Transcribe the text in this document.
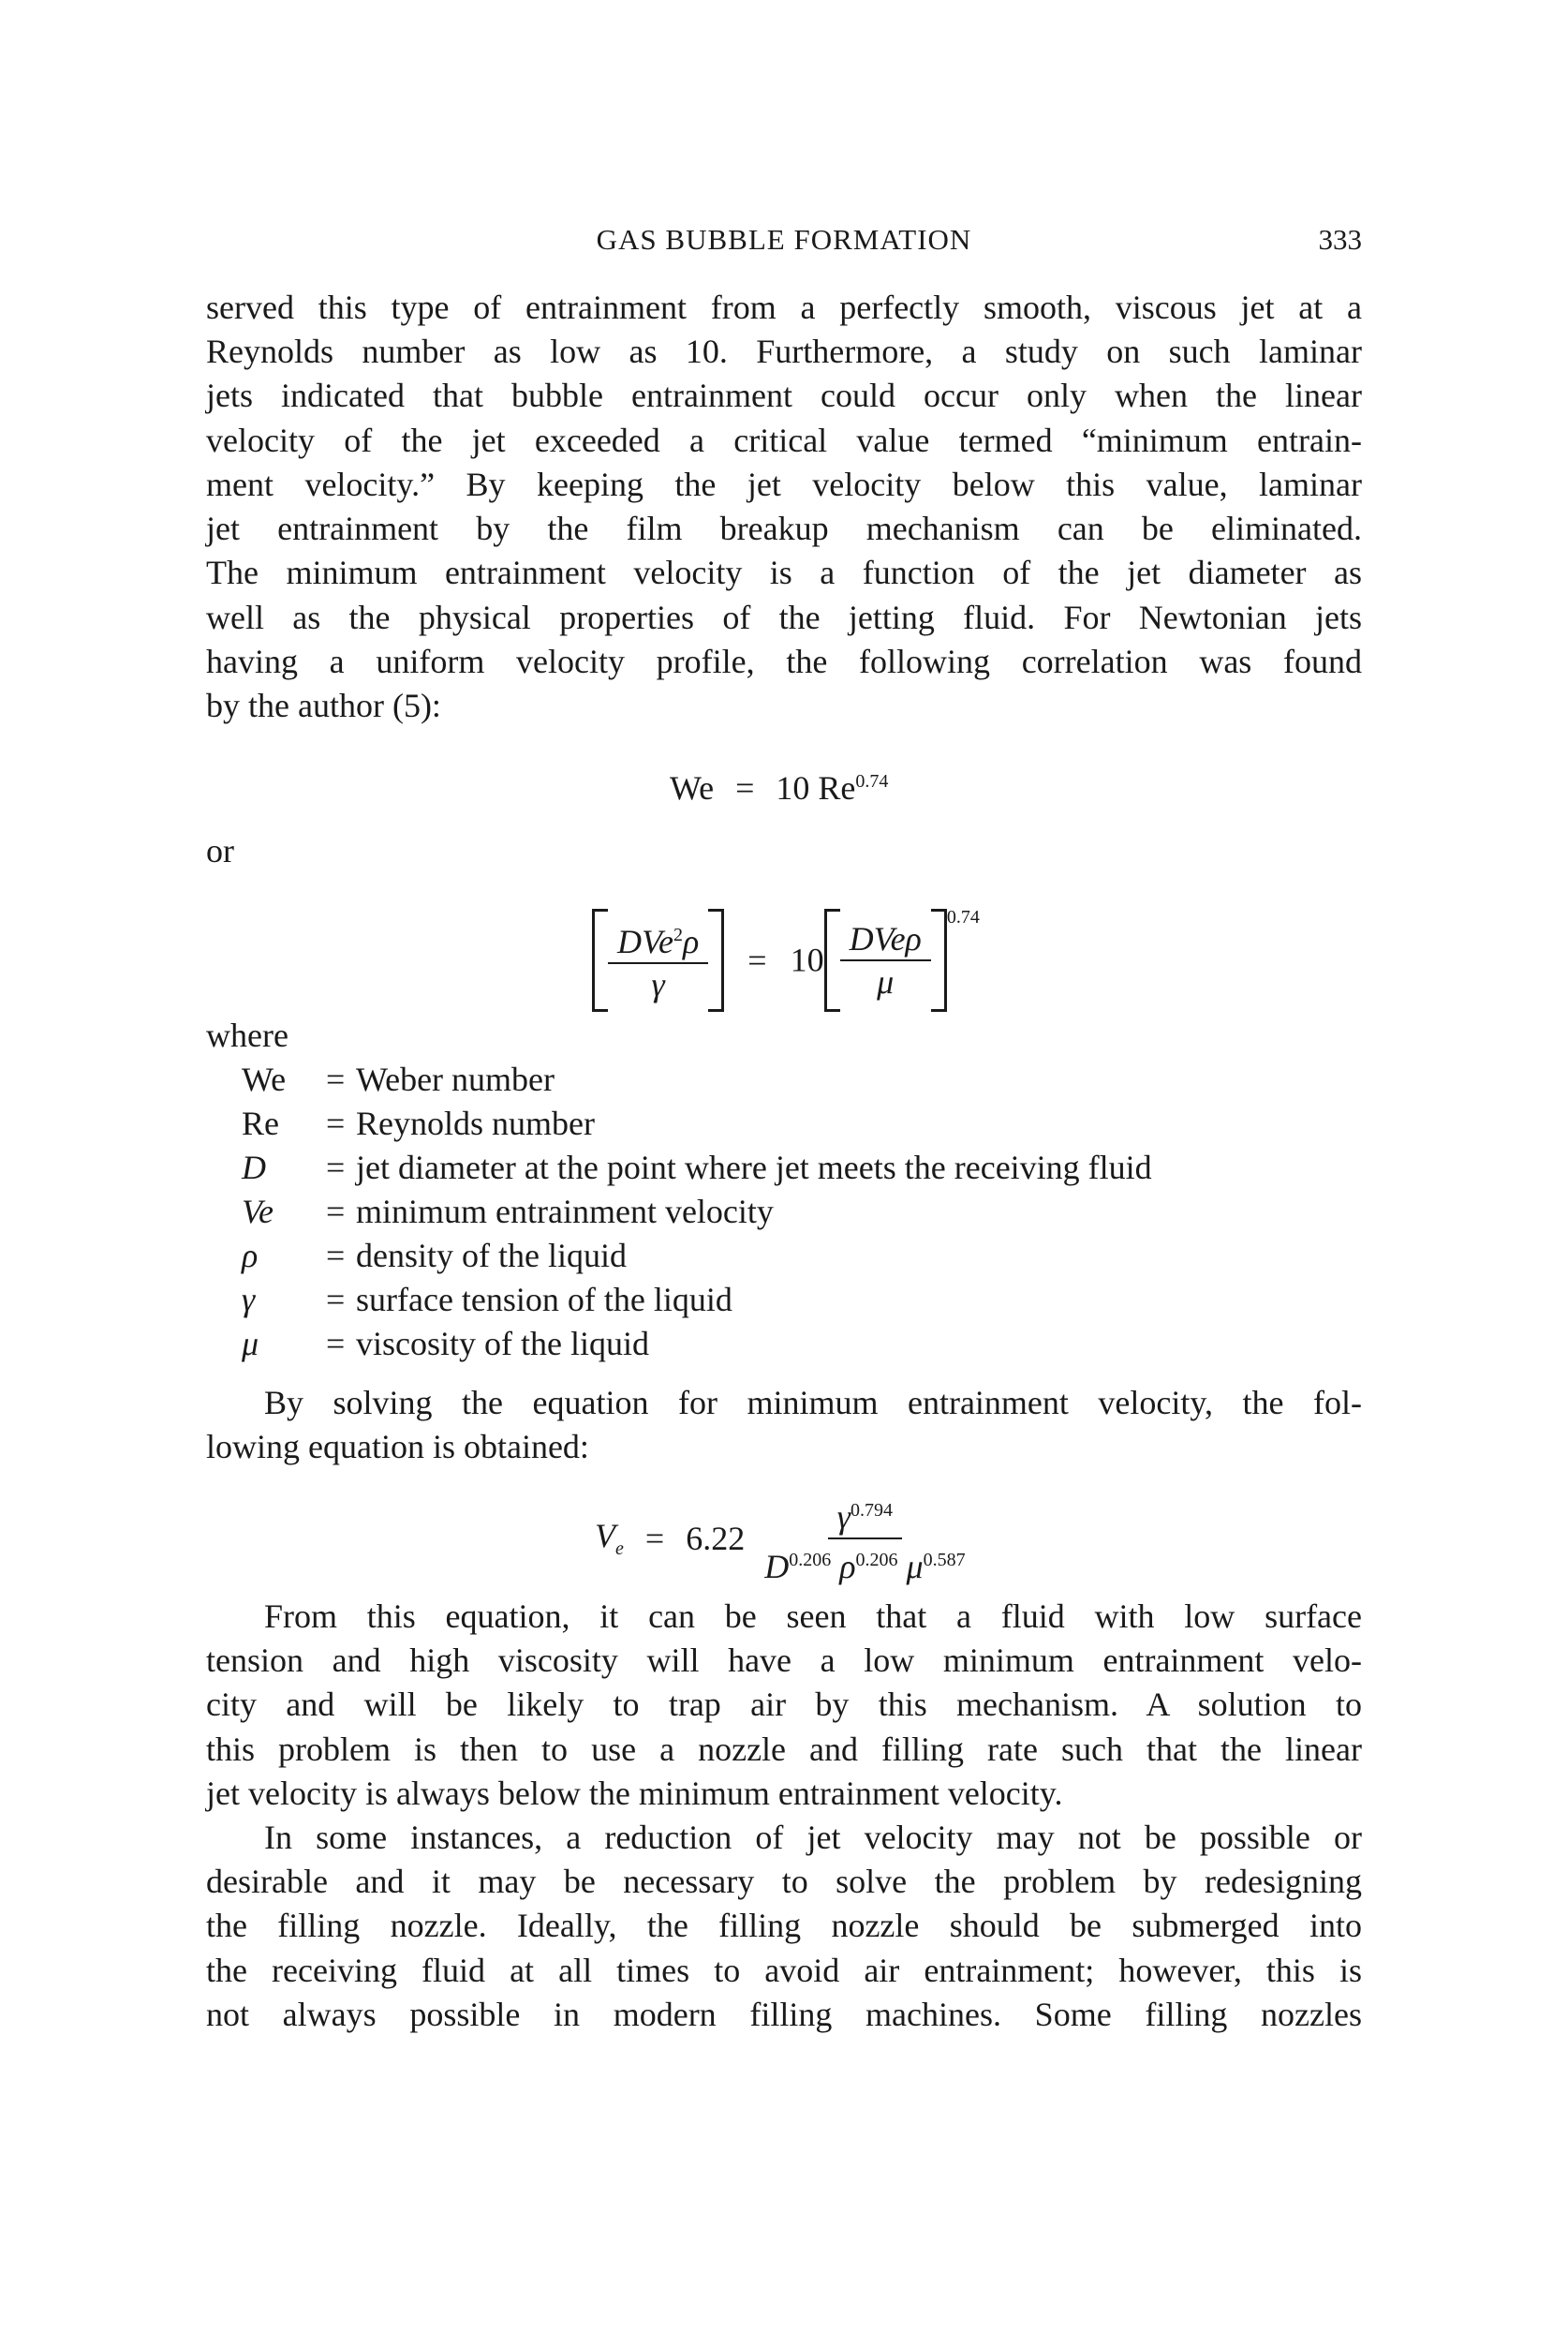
GAS BUBBLE FORMATION	333
served this type of entrainment from a perfectly smooth, viscous jet at a
Reynolds number as low as 10. Furthermore, a study on such laminar
jets indicated that bubble entrainment could occur only when the linear
velocity of the jet exceeded a critical value termed “minimum entrain-
ment velocity.” By keeping the jet velocity below this value, laminar
jet entrainment by the film breakup mechanism can be eliminated.
The minimum entrainment velocity is a function of the jet diameter as
well as the physical properties of the jetting fluid. For Newtonian jets
having a uniform velocity profile, the following correlation was found
by the author (5):
We = 10 $Re^{0.74}$
or
$\frac{DVe^2\rho}{\gamma} = 10 \frac{\text{DVeρ}}{\mu}$
$^{0.74}$
where
We = Weber number
Re = Reynolds number
D = jet diameter at the point where jet meets the receiving fluid
Ve = minimum entrainment velocity
ρ = density of the liquid
γ = surface tension of the liquid
μ = viscosity of the liquid
By solving the equation for minimum entrainment velocity, the fol-
lowing equation is obtained:
$V_e = 6.22 \frac{\gamma^{0.794}}{D^{0.206} \rho^{0.206} \mu^{0.587}}$
From this equation, it can be seen that a fluid with low surface
tension and high viscosity will have a low minimum entrainment velo-
city and will be likely to trap air by this mechanism. A solution to
this problem is then to use a nozzle and filling rate such that the linear
jet velocity is always below the minimum entrainment velocity.
In some instances, a reduction of jet velocity may not be possible or
desirable and it may be necessary to solve the problem by redesigning
the filling nozzle. Ideally, the filling nozzle should be submerged into
the receiving fluid at all times to avoid air entrainment; however, this is
not always possible in modern filling machines. Some filling nozzles
